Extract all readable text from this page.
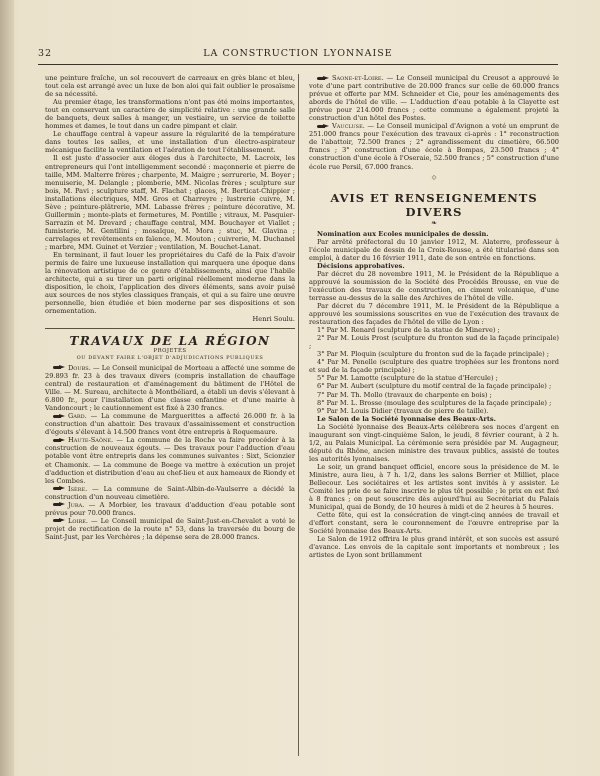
32	LA CONSTRUCTION LYONNAISE

une peinture fraîche, un sol recouvert de carreaux en grès blanc et bleu, tout cela est arrangé avec un luxe de bon aloi qui fait oublier le prosaïsme de sa nécessité.

Au premier étage, les transformations n'ont pas été moins importantes, tout en conservant un caractère de simplicité relative : une grande salle de banquets, deux salles à manger, un vestiaire, un service de toilette hommes et dames, le tout dans un cadre pimpant et clair.

Le chauffage central à vapeur assure la régularité de la température dans toutes les salles, et une installation d'un électro-aspirateur mécanique facilite la ventilation et l'aération de tout l'établissement.

Il est juste d'associer aux éloges dus à l'architecte, M. Lacroix, les entrepreneurs qui l'ont intelligemment secondé : maçonnerie et pierre de taille, MM. Malterre frères ; charpente, M. Maigre ; serrurerie, M. Boyer ; menuiserie, M. Delangle ; plomberie, MM. Nicolas frères ; sculpture sur bois, M. Pavi ; sculpture staff, M. Flachat ; glaces, M. Berticat-Chippier ; installations électriques, MM. Gros et Charreyre ; lustrerie cuivre, M. Sève ; peinture-plâtrerie, MM. Labasse frères ; peinture décorative, M. Guillermin ; monte-plats et fermetures, M. Pontille ; vitraux, M. Pasquier-Sarrazin et M. Drevard ; chauffage central, MM. Bouchayer et Viallet ; fumisterie, M. Gentilini ; mosaïque, M. Mora ; stuc, M. Glavina ; carrelages et revêtements en faïence, M. Mouton ; cuivrerie, M. Duchanel ; marbre, MM. Guinet et Verzier ; ventilation, M. Bouchet-Lanat.

En terminant, il faut louer les propriétaires du Café de la Paix d'avoir permis de faire une luxueuse installation qui marquera une époque dans la rénovation artistique de ce genre d'établissements, ainsi que l'habile architecte, qui a su tirer un parti original réellement moderne dans la disposition, le choix, l'application des divers éléments, sans avoir puisé aux sources de nos styles classiques français, et qui a su faire une œuvre personnelle, bien étudiée et bien moderne par ses dispositions et son ornementation.

Henri Soulu.

TRAVAUX DE LA RÉGION
PROJETÉS
OU DEVANT FAIRE L'OBJET D'ADJUDICATIONS PUBLIQUES

Doubs. — Le Conseil municipal de Morteau a affecté une somme de 29.893 fr. 23 à des travaux divers (compris installation de chauffage central) de restauration et d'aménagement du bâtiment de l'Hôtel de Ville. — M. Sureau, architecte à Montbéliard, a établi un devis s'élevant à 6.800 fr., pour l'installation d'une classe enfantine et d'une mairie à Vandoncourt ; le cautionnement est fixé à 230 francs.

Gard. — La commune de Marguerittes a affecté 26.000 fr. à la construction d'un abattoir. Des travaux d'assainissement et construction d'égouts s'élevant à 14.500 francs vont être entrepris à Roquemaure.

Haute-Saône. — La commune de la Roche va faire procéder à la construction de nouveaux égouts. — Des travaux pour l'adduction d'eau potable vont être entrepris dans les communes suivantes : Sixt, Scionzier et Chamonix. — La commune de Boege va mettre à exécution un projet d'adduction et distribution d'eau au chef-lieu et aux hameaux de Riondy et les Combes.

Isère. — La commune de Saint-Albin-de-Vaulserre a décidé la construction d'un nouveau cimetière.

Jura. — A Morbier, les travaux d'adduction d'eau potable sont prévus pour 70.000 francs.

Loire. — Le Conseil municipal de Saint-Just-en-Chevalet a voté le projet de rectification de la route n° 53, dans la traversée du bourg de Saint-Just, par les Verchères ; la dépense sera de 28.000 francs.

Saone-et-Loire. — Le Conseil municipal du Creusot a approuvé le vote d'une part contributive de 20.000 francs sur celle de 60.000 francs prévue et offerte par MM. Schneider et Cie, pour les aménagements des abords de l'hôtel de ville. — L'adduction d'eau potable à la Clayette est prévue pour 214.000 francs ; cette commune a également projeté la construction d'un hôtel des Postes.

Vaucluse. — Le Conseil municipal d'Avignon a voté un emprunt de 251.000 francs pour l'exécution des travaux ci-après : 1° reconstruction de l'abattoir, 72.500 francs ; 2° agrandissement du cimetière, 66.500 francs ; 3° construction d'une école à Bompas, 23.500 francs ; 4° construction d'une école à l'Oseraie, 52.500 francs ; 5° construction d'une école rue Persil, 67.000 francs.

◇
AVIS ET RENSEIGNEMENTS DIVERS
❧

Nomination aux Ecoles municipales de dessin.

Par arrêté préfectoral du 10 janvier 1912, M. Alaterre, professeur à l'école municipale de dessin de la Croix-Rousse, a été titularisé dans son emploi, à dater du 16 février 1911, date de son entrée en fonctions.

Décisions approbatives.

Par décret du 28 novembre 1911, M. le Président de la République a approuvé la soumission de la Société des Procédés Brousse, en vue de l'exécution des travaux de construction, en ciment volcanique, d'une terrasse au-dessus de la salle des Archives de l'hôtel de ville.

Par décret du 7 décembre 1911, M. le Président de la République a approuvé les soumissions souscrites en vue de l'exécution des travaux de restauration des façades de l'hôtel de ville de Lyon :

1° Par M. Renard (sculpture de la statue de Minerve) ;

2° Par M. Louis Prost (sculpture du fronton sud de la façade principale) ;

3° Par M. Ploquin (sculpture du fronton sud de la façade principale) ;

4° Par M. Penelle (sculpture des quatre trophées sur les frontons nord et sud de la façade principale) ;

5° Par M. Lamotte (sculpture de la statue d'Hercule) ;

6° Par M. Aubert (sculpture du motif central de la façade principale) ;

7° Par M. Th. Mollo (travaux de charpente en bois) ;

8° Par M. L. Brosse (moulage des sculptures de la façade principale) ;

9° Par M. Louis Didier (travaux de pierre de taille).

Le Salon de la Société lyonnaise des Beaux-Arts.

La Société lyonnaise des Beaux-Arts célébrera ses noces d'argent en inaugurant son vingt-cinquième Salon, le jeudi, 8 février courant, à 2 h. 1/2, au Palais Municipal. La cérémonie sera présidée par M. Augagneur, député du Rhône, ancien ministre des travaux publics, assisté de toutes les autorités lyonnaises.

Le soir, un grand banquet officiel, encore sous la présidence de M. le Ministre, aura lieu, à 7 h. 1/2, dans les salons Berrier et Milliet, place Bellecour. Les sociétaires et les artistes sont invités à y assister. Le Comité les prie de se faire inscrire le plus tôt possible ; le prix en est fixé à 8 francs ; on peut souscrire dès aujourd'hui au Secrétariat du Palais Municipal, quai de Bondy, de 10 heures à midi et de 2 heures à 5 heures.

Cette fête, qui est la consécration de vingt-cinq années de travail et d'effort constant, sera le couronnement de l'œuvre entreprise par la Société lyonnaise des Beaux-Arts.

Le Salon de 1912 offrira le plus grand intérêt, et son succès est assuré d'avance. Les envois de la capitale sont importants et nombreux ; les artistes de Lyon sont brillamment
